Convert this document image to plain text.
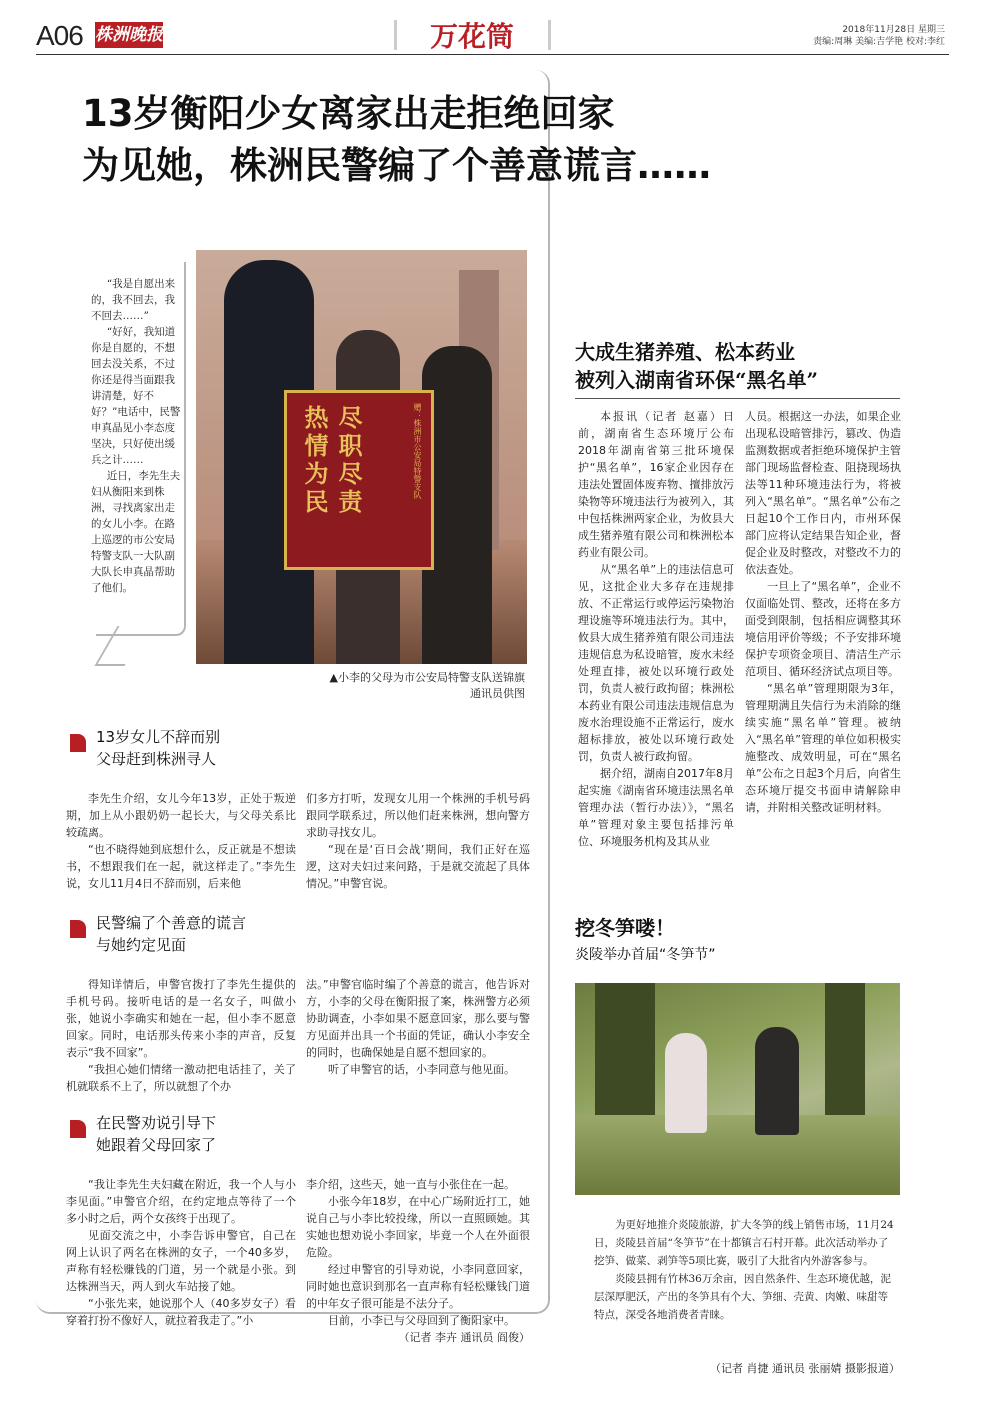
A06 株洲晚报	万花筒	2018年11月28日 星期三
责编:周琳 美编:吉学艳 校对:李红
13岁衡阳少女离家出走拒绝回家
为见她，株洲民警编了个善意谎言……

“我是自愿出来的，我不回去，我不回去……”

“好好，我知道你是自愿的，不想回去没关系，不过你还是得当面跟我讲清楚，好不好？”电话中，民警申真晶见小李态度坚决，只好使出缓兵之计……

近日，李先生夫妇从衡阳来到株洲，寻找离家出走的女儿小李。在路上巡逻的市公安局特警支队一大队副大队长申真晶帮助了他们。

热情为民 尽职尽责	赠：株洲市公安局特警支队
▲小李的父母为市公安局特警支队送锦旗
通讯员供图
13岁女儿不辞而别
父母赶到株洲寻人

李先生介绍，女儿今年13岁，正处于叛逆期，加上从小跟奶奶一起长大，与父母关系比较疏离。

“也不晓得她到底想什么，反正就是不想读书，不想跟我们在一起，就这样走了。”李先生说，女儿11月4日不辞而别，后来他

们多方打听，发现女儿用一个株洲的手机号码跟同学联系过，所以他们赶来株洲，想向警方求助寻找女儿。

“现在是‘百日会战’期间，我们正好在巡逻，这对夫妇过来问路，于是就交流起了具体情况。”申警官说。

民警编了个善意的谎言
与她约定见面

得知详情后，申警官拨打了李先生提供的手机号码。接听电话的是一名女子，叫做小张，她说小李确实和她在一起，但小李不愿意回家。同时，电话那头传来小李的声音，反复表示“我不回家”。

“我担心她们情绪一激动把电话挂了，关了机就联系不上了，所以就想了个办

法。”申警官临时编了个善意的谎言，他告诉对方，小李的父母在衡阳报了案，株洲警方必须协助调查，小李如果不愿意回家，那么要与警方见面并出具一个书面的凭证，确认小李安全的同时，也确保她是自愿不想回家的。

听了申警官的话，小李同意与他见面。

在民警劝说引导下
她跟着父母回家了

“我让李先生夫妇藏在附近，我一个人与小李见面。”申警官介绍，在约定地点等待了一个多小时之后，两个女孩终于出现了。

见面交流之中，小李告诉申警官，自己在网上认识了两名在株洲的女子，一个40多岁，声称有轻松赚钱的门道，另一个就是小张。到达株洲当天，两人到火车站接了她。

“小张先来，她说那个人（40多岁女子）看穿着打扮不像好人，就拉着我走了。”小

李介绍，这些天，她一直与小张住在一起。

小张今年18岁，在中心广场附近打工，她说自己与小李比较投缘，所以一直照顾她。其实她也想劝说小李回家，毕竟一个人在外面很危险。

经过申警官的引导劝说，小李同意回家，同时她也意识到那名一直声称有轻松赚钱门道的中年女子很可能是不法分子。

目前，小李已与父母回到了衡阳家中。

（记者 李卉 通讯员 阎俊）

大成生猪养殖、松本药业
被列入湖南省环保“黑名单”

本报讯（记者 赵嘉）日前，湖南省生态环境厅公布2018年湖南省第三批环境保护“黑名单”，16家企业因存在违法处置固体废弃物、擅排放污染物等环境违法行为被列入，其中包括株洲两家企业，为攸县大成生猪养殖有限公司和株洲松本药业有限公司。

从“黑名单”上的违法信息可见，这批企业大多存在违规排放、不正常运行或停运污染物治理设施等环境违法行为。其中，攸县大成生猪养殖有限公司违法违规信息为私设暗管，废水未经处理直排，被处以环境行政处罚，负责人被行政拘留；株洲松本药业有限公司违法违规信息为废水治理设施不正常运行，废水超标排放，被处以环境行政处罚，负责人被行政拘留。

据介绍，湖南自2017年8月起实施《湖南省环境违法黑名单管理办法（暂行办法）》，“黑名单”管理对象主要包括排污单位、环境服务机构及其从业

人员。根据这一办法，如果企业出现私设暗管排污，篡改、伪造监测数据或者拒绝环境保护主管部门现场监督检查、阻挠现场执法等11种环境违法行为，将被列入“黑名单”。“黑名单”公布之日起10个工作日内，市州环保部门应将认定结果告知企业，督促企业及时整改，对整改不力的依法查处。

一旦上了“黑名单”，企业不仅面临处罚、整改，还将在多方面受到限制，包括相应调整其环境信用评价等级；不予安排环境保护专项资金项目、清洁生产示范项目、循环经济试点项目等。

“黑名单”管理期限为3年，管理期满且失信行为未消除的继续实施“黑名单”管理。被纳入“黑名单”管理的单位如积极实施整改、成效明显，可在“黑名单”公布之日起3个月后，向省生态环境厅提交书面申请解除申请，并附相关整改证明材料。

挖冬笋喽！
炎陵举办首届“冬笋节”

为更好地推介炎陵旅游，扩大冬笋的线上销售市场，11月24日，炎陵县首届“冬笋节”在十都镇言石村开幕。此次活动举办了挖笋、做菜、剥笋等5项比赛，吸引了大批省内外游客参与。

炎陵县拥有竹林36万余亩，因自然条件、生态环境优越，泥层深厚肥沃，产出的冬笋具有个大、笋细、壳黄、肉嫩、味甜等特点，深受各地消费者青睐。

（记者 肖捷 通讯员 张丽婧 摄影报道）
